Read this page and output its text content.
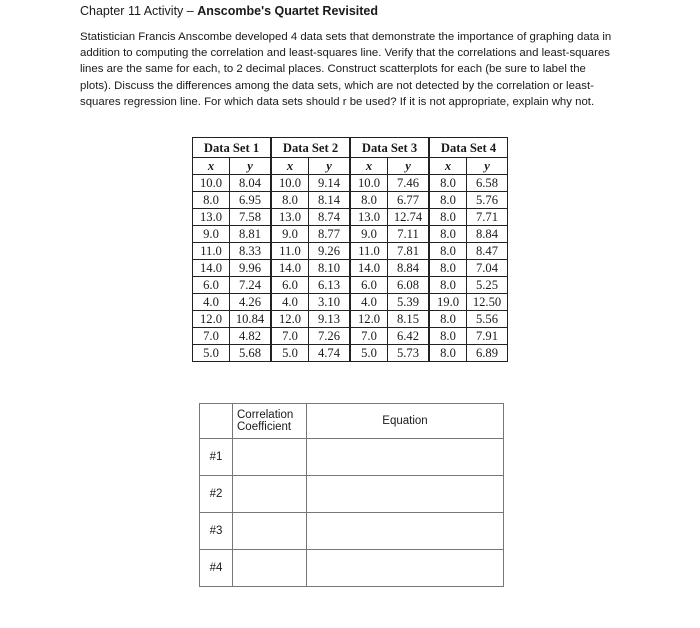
Chapter 11 Activity – Anscombe's Quartet Revisited
Statistician Francis Anscombe developed 4 data sets that demonstrate the importance of graphing data in addition to computing the correlation and least-squares line. Verify that the correlations and least-squares lines are the same for each, to 2 decimal places. Construct scatterplots for each (be sure to label the plots). Discuss the differences among the data sets, which are not detected by the correlation or least-squares regression line. For which data sets should r be used? If it is not appropriate, explain why not.
Data Set 1		Data Set 2		Data Set 3		Data Set 4	
x	y	x	y	x	y	x	y
10.0	8.04	10.0	9.14	10.0	7.46	8.0	6.58
8.0	6.95	8.0	8.14	8.0	6.77	8.0	5.76
13.0	7.58	13.0	8.74	13.0	12.74	8.0	7.71
9.0	8.81	9.0	8.77	9.0	7.11	8.0	8.84
11.0	8.33	11.0	9.26	11.0	7.81	8.0	8.47
14.0	9.96	14.0	8.10	14.0	8.84	8.0	7.04
6.0	7.24	6.0	6.13	6.0	6.08	8.0	5.25
4.0	4.26	4.0	3.10	4.0	5.39	19.0	12.50
12.0	10.84	12.0	9.13	12.0	8.15	8.0	5.56
7.0	4.82	7.0	7.26	7.0	6.42	8.0	7.91
5.0	5.68	5.0	4.74	5.0	5.73	8.0	6.89
	Correlation Coefficient	Equation
#1		
#2		
#3		
#4		
